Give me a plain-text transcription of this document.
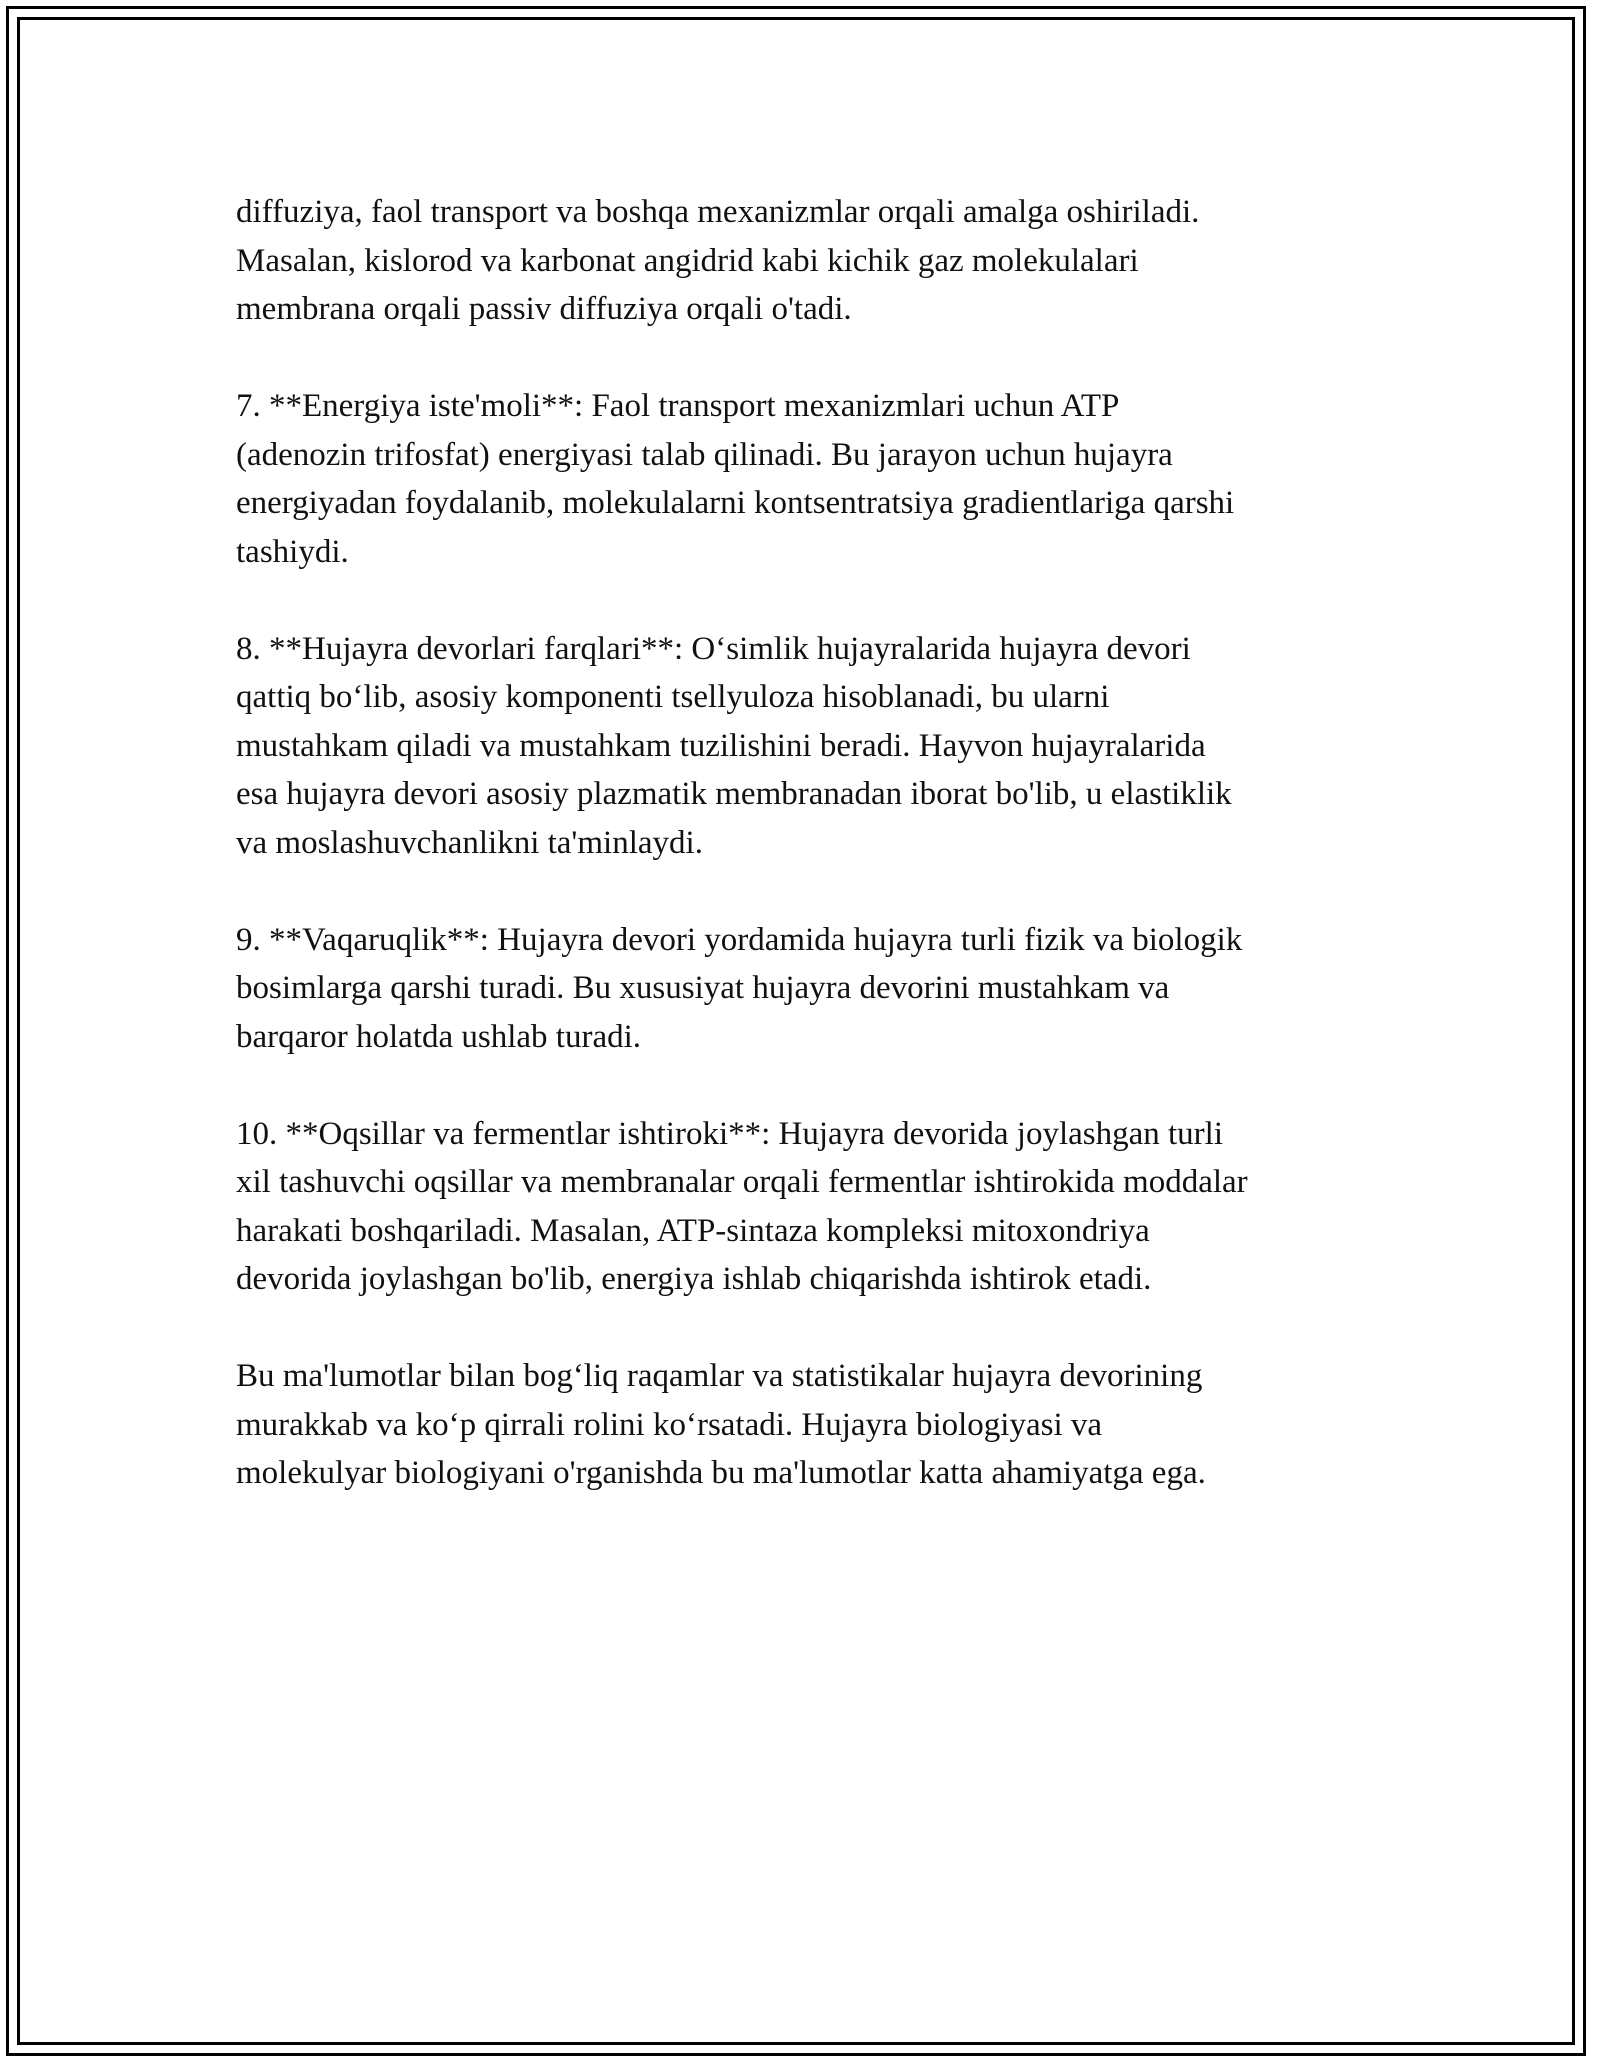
diffuziya, faol transport va boshqa mexanizmlar orqali amalga oshiriladi.
Masalan, kislorod va karbonat angidrid kabi kichik gaz molekulalari
membrana orqali passiv diffuziya orqali o'tadi.

7. **Energiya iste'moli**: Faol transport mexanizmlari uchun ATP
(adenozin trifosfat) energiyasi talab qilinadi. Bu jarayon uchun hujayra
energiyadan foydalanib, molekulalarni kontsentratsiya gradientlariga qarshi
tashiydi.

8. **Hujayra devorlari farqlari**: O‘simlik hujayralarida hujayra devori
qattiq bo‘lib, asosiy komponenti tsellyuloza hisoblanadi, bu ularni
mustahkam qiladi va mustahkam tuzilishini beradi. Hayvon hujayralarida
esa hujayra devori asosiy plazmatik membranadan iborat bo'lib, u elastiklik
va moslashuvchanlikni ta'minlaydi.

9. **Vaqaruqlik**: Hujayra devori yordamida hujayra turli fizik va biologik
bosimlarga qarshi turadi. Bu xususiyat hujayra devorini mustahkam va
barqaror holatda ushlab turadi.

10. **Oqsillar va fermentlar ishtiroki**: Hujayra devorida joylashgan turli
xil tashuvchi oqsillar va membranalar orqali fermentlar ishtirokida moddalar
harakati boshqariladi. Masalan, ATP-sintaza kompleksi mitoxondriya
devorida joylashgan bo'lib, energiya ishlab chiqarishda ishtirok etadi.

Bu ma'lumotlar bilan bog‘liq raqamlar va statistikalar hujayra devorining
murakkab va ko‘p qirrali rolini ko‘rsatadi. Hujayra biologiyasi va
molekulyar biologiyani o'rganishda bu ma'lumotlar katta ahamiyatga ega.
